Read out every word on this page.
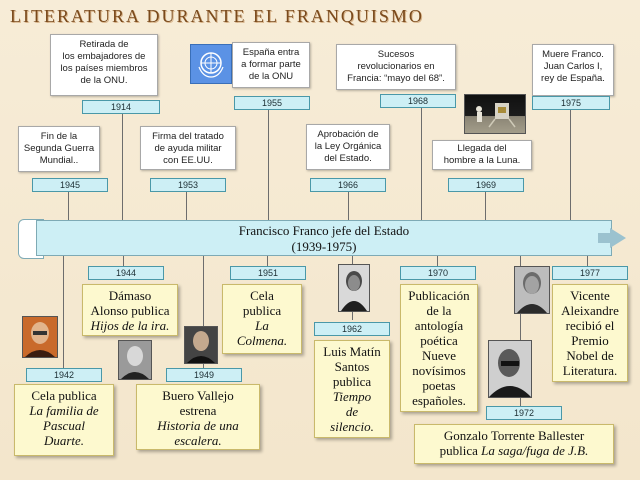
LITERATURA DURANTE EL FRANQUISMO
Retirada de
los embajadores de
los países miembros
de la ONU.
1914
España entra
a formar parte
de la ONU
1955
Sucesos
revolucionarios en
Francia: “mayo del 68”.
1968
Muere Franco.
Juan Carlos I,
rey de España.
1975
Fin de la
Segunda Guerra
Mundial..
1945
Firma del tratado
de ayuda militar
con EE.UU.
1953
Aprobación de
la Ley Orgánica
del Estado.
1966
Llegada del
hombre a la Luna.
1969
Francisco Franco jefe del Estado
(1939-1975)
1944
Dámaso
Alonso publica
Hijos de la ira.
1951
Cela
publica
La
Colmena.
1962
Luis Matín
Santos
publica
Tiempo
de
silencio.
1970
Publicación
de la
antología
poética
Nueve
novísimos
poetas
españoles.
1977
Vicente
Aleixandre
recibió el
Premio
Nobel de
Literatura.
1942
Cela publica
La familia de
Pascual
Duarte.
1949
Buero Vallejo
estrena
Historia de una
escalera.
1972
Gonzalo Torrente Ballester
publica La saga/fuga de J.B.
